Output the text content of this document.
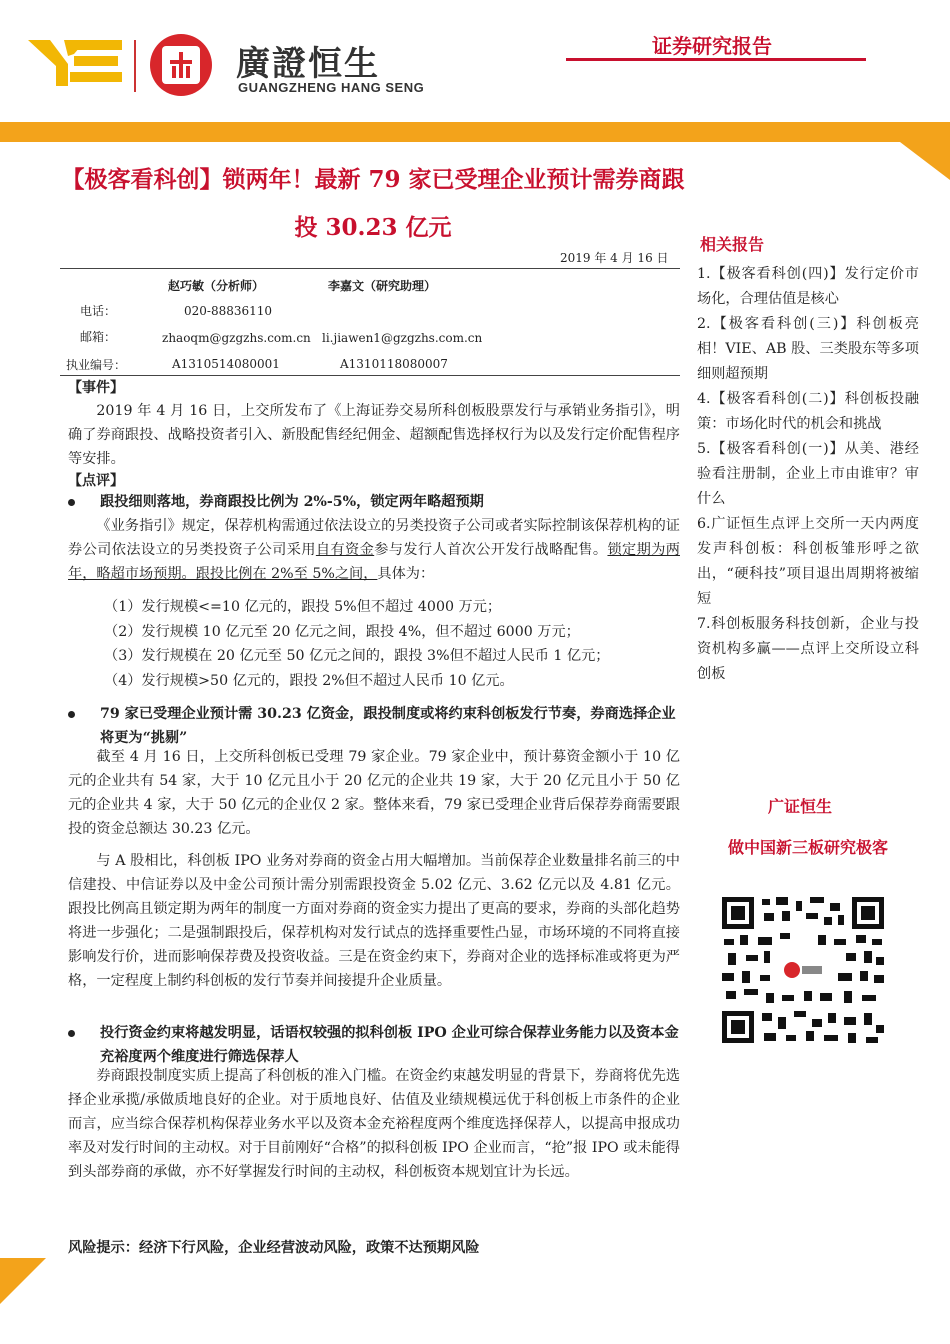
廣證恒生
GUANGZHENG HANG SENG
证券研究报告
【极客看科创】锁两年！最新 79 家已受理企业预计需券商跟投 30.23 亿元
2019 年 4 月 16 日
赵巧敏（分析师）	李嘉文（研究助理）
电话：	020-88836110
邮箱：	zhaoqm@gzgzhs.com.cn li.jiawen1@gzgzhs.com.cn
执业编号：	A1310514080001	A1310118080007
【事件】

2019 年 4 月 16 日，上交所发布了《上海证券交易所科创板股票发行与承销业务指引》，明确了券商跟投、战略投资者引入、新股配售经纪佣金、超额配售选择权行为以及发行定价配售程序等安排。

【点评】
跟投细则落地，券商跟投比例为 2%-5%，锁定两年略超预期

《业务指引》规定，保荐机构需通过依法设立的另类投资子公司或者实际控制该保荐机构的证券公司依法设立的另类投资子公司采用自有资金参与发行人首次公开发行战略配售。锁定期为两年，略超市场预期。跟投比例在 2%至 5%之间，具体为：

（1）发行规模<=10 亿元的，跟投 5%但不超过 4000 万元；
（2）发行规模 10 亿元至 20 亿元之间，跟投 4%，但不超过 6000 万元；
（3）发行规模在 20 亿元至 50 亿元之间的，跟投 3%但不超过人民币 1 亿元；
（4）发行规模>50 亿元的，跟投 2%但不超过人民币 10 亿元。
79 家已受理企业预计需 30.23 亿资金，跟投制度或将约束科创板发行节奏，券商选择企业将更为“挑剔”

截至 4 月 16 日，上交所科创板已受理 79 家企业。79 家企业中，预计募资金额小于 10 亿元的企业共有 54 家，大于 10 亿元且小于 20 亿元的企业共 19 家，大于 20 亿元且小于 50 亿元的企业共 4 家，大于 50 亿元的企业仅 2 家。整体来看，79 家已受理企业背后保荐券商需要跟投的资金总额达 30.23 亿元。

与 A 股相比，科创板 IPO 业务对券商的资金占用大幅增加。当前保荐企业数量排名前三的中信建投、中信证券以及中金公司预计需分别需跟投资金 5.02 亿元、3.62 亿元以及 4.81 亿元。跟投比例高且锁定期为两年的制度一方面对券商的资金实力提出了更高的要求，券商的头部化趋势将进一步强化；二是强制跟投后，保荐机构对发行试点的选择重要性凸显，市场环境的不同将直接影响发行价，进而影响保荐费及投资收益。三是在资金约束下，券商对企业的选择标准或将更为严格，一定程度上制约科创板的发行节奏并间接提升企业质量。

投行资金约束将越发明显，话语权较强的拟科创板 IPO 企业可综合保荐业务能力以及资本金充裕度两个维度进行筛选保荐人

券商跟投制度实质上提高了科创板的准入门槛。在资金约束越发明显的背景下，券商将优先选择企业承揽/承做质地良好的企业。对于质地良好、估值及业绩规模远优于科创板上市条件的企业而言，应当综合保荐机构保荐业务水平以及资本金充裕程度两个维度选择保荐人，以提高申报成功率及对发行时间的主动权。对于目前刚好“合格”的拟科创板 IPO 企业而言，“抢”报 IPO 或未能得到头部券商的承做，亦不好掌握发行时间的主动权，科创板资本规划宜计为长远。

风险提示：经济下行风险，企业经营波动风险，政策不达预期风险
相关报告
1.【极客看科创(四)】发行定价市场化，合理估值是核心
2.【极客看科创(三)】科创板亮相！VIE、AB 股、三类股东等多项细则超预期
4.【极客看科创(二)】科创板投融策：市场化时代的机会和挑战
5.【极客看科创(一)】从美、港经验看注册制，企业上市由谁审？审什么
6.广证恒生点评上交所一天内两度发声科创板：科创板雏形呼之欲出，“硬科技”项目退出周期将被缩短
7.科创板服务科技创新，企业与投资机构多赢——点评上交所设立科创板
广证恒生
做中国新三板研究极客
